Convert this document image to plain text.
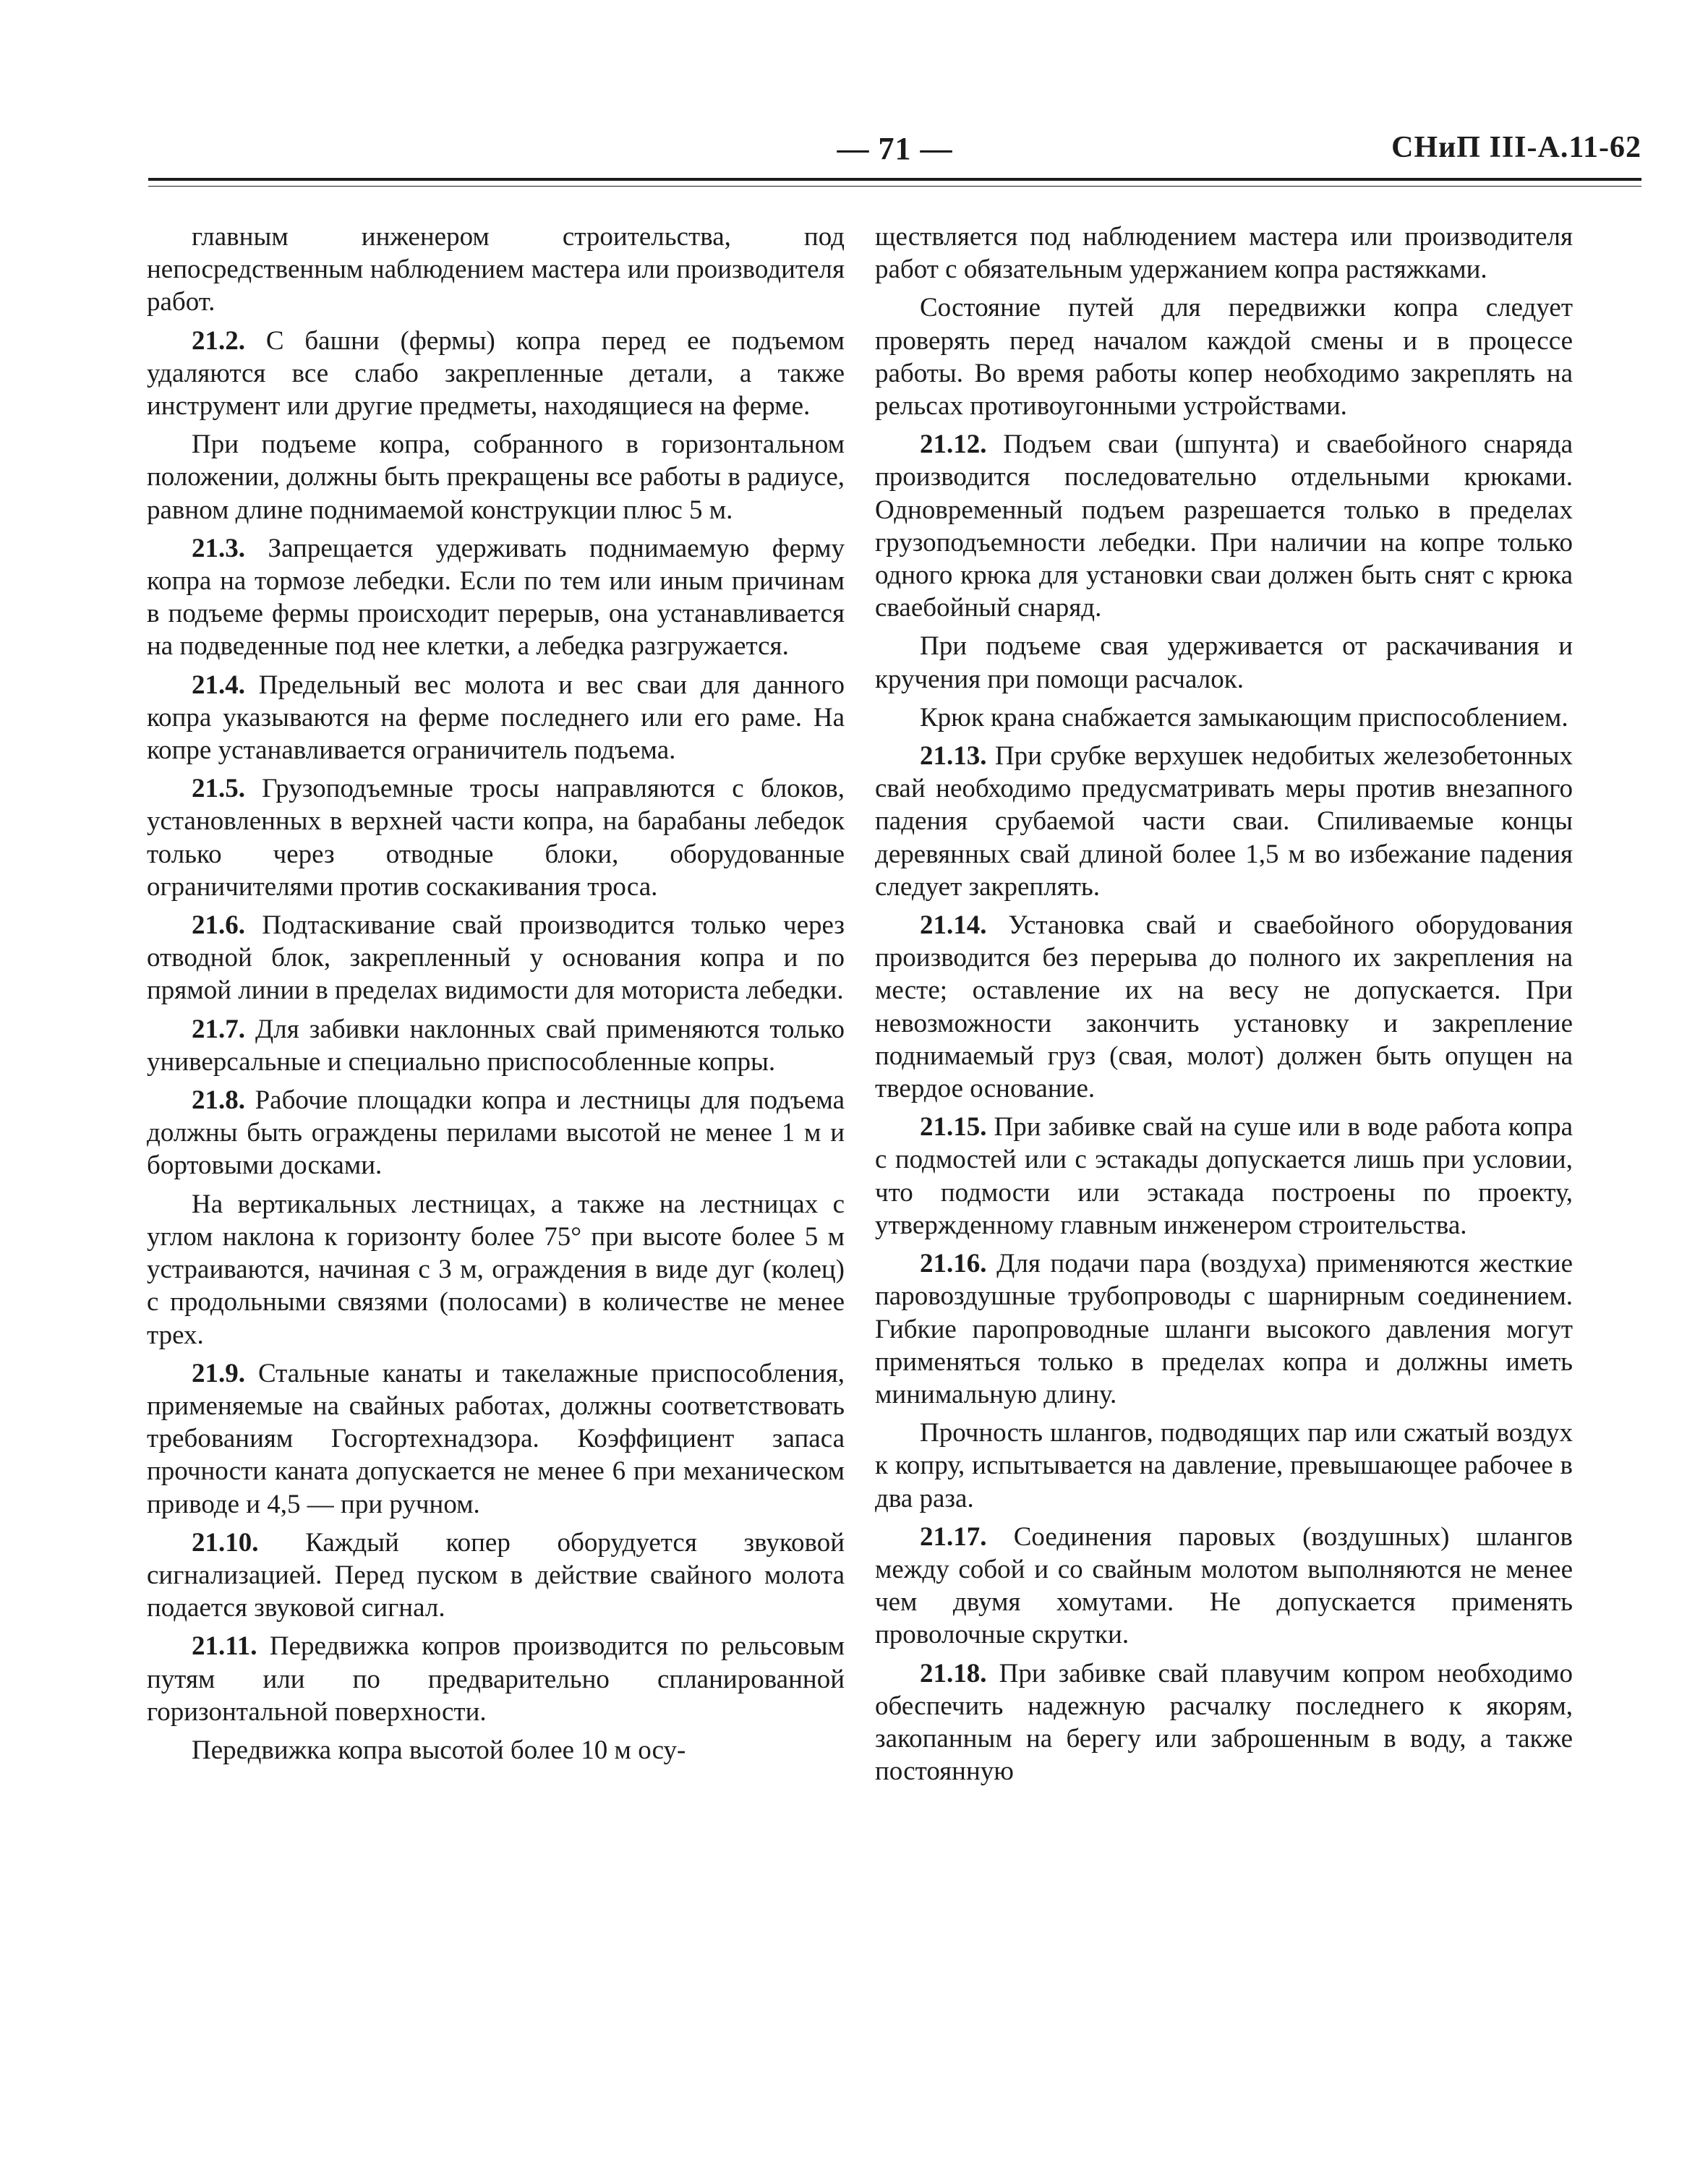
— 71 —	СНиП III-А.11-62

главным инженером строительства, под непосредственным наблюдением мастера или производителя работ.

21.2. С башни (фермы) копра перед ее подъемом удаляются все слабо закрепленные детали, а также инструмент или другие предметы, находящиеся на ферме.

При подъеме копра, собранного в горизонтальном положении, должны быть прекращены все работы в радиусе, равном длине поднимаемой конструкции плюс 5 м.

21.3. Запрещается удерживать поднимаемую ферму копра на тормозе лебедки. Если по тем или иным причинам в подъеме фермы происходит перерыв, она устанавливается на подведенные под нее клетки, а лебедка разгружается.

21.4. Предельный вес молота и вес сваи для данного копра указываются на ферме последнего или его раме. На копре устанавливается ограничитель подъема.

21.5. Грузоподъемные тросы направляются с блоков, установленных в верхней части копра, на барабаны лебедок только через отводные блоки, оборудованные ограничителями против соскакивания троса.

21.6. Подтаскивание свай производится только через отводной блок, закрепленный у основания копра и по прямой линии в пределах видимости для моториста лебедки.

21.7. Для забивки наклонных свай применяются только универсальные и специально приспособленные копры.

21.8. Рабочие площадки копра и лестницы для подъема должны быть ограждены перилами высотой не менее 1 м и бортовыми досками.

На вертикальных лестницах, а также на лестницах с углом наклона к горизонту более 75° при высоте более 5 м устраиваются, начиная с 3 м, ограждения в виде дуг (колец) с продольными связями (полосами) в количестве не менее трех.

21.9. Стальные канаты и такелажные приспособления, применяемые на свайных работах, должны соответствовать требованиям Госгортехнадзора. Коэффициент запаса прочности каната допускается не менее 6 при механическом приводе и 4,5 — при ручном.

21.10. Каждый копер оборудуется звуковой сигнализацией. Перед пуском в действие свайного молота подается звуковой сигнал.

21.11. Передвижка копров производится по рельсовым путям или по предварительно спланированной горизонтальной поверхности.

Передвижка копра высотой более 10 м осу-

ществляется под наблюдением мастера или производителя работ с обязательным удержанием копра растяжками.

Состояние путей для передвижки копра следует проверять перед началом каждой смены и в процессе работы. Во время работы копер необходимо закреплять на рельсах противоугонными устройствами.

21.12. Подъем сваи (шпунта) и сваебойного снаряда производится последовательно отдельными крюками. Одновременный подъем разрешается только в пределах грузоподъемности лебедки. При наличии на копре только одного крюка для установки сваи должен быть снят с крюка сваебойный снаряд.

При подъеме свая удерживается от раскачивания и кручения при помощи расчалок.

Крюк крана снабжается замыкающим приспособлением.

21.13. При срубке верхушек недобитых железобетонных свай необходимо предусматривать меры против внезапного падения срубаемой части сваи. Спиливаемые концы деревянных свай длиной более 1,5 м во избежание падения следует закреплять.

21.14. Установка свай и сваебойного оборудования производится без перерыва до полного их закрепления на месте; оставление их на весу не допускается. При невозможности закончить установку и закрепление поднимаемый груз (свая, молот) должен быть опущен на твердое основание.

21.15. При забивке свай на суше или в воде работа копра с подмостей или с эстакады допускается лишь при условии, что подмости или эстакада построены по проекту, утвержденному главным инженером строительства.

21.16. Для подачи пара (воздуха) применяются жесткие паровоздушные трубопроводы с шарнирным соединением. Гибкие паропроводные шланги высокого давления могут применяться только в пределах копра и должны иметь минимальную длину.

Прочность шлангов, подводящих пар или сжатый воздух к копру, испытывается на давление, превышающее рабочее в два раза.

21.17. Соединения паровых (воздушных) шлангов между собой и со свайным молотом выполняются не менее чем двумя хомутами. Не допускается применять проволочные скрутки.

21.18. При забивке свай плавучим копром необходимо обеспечить надежную расчалку последнего к якорям, закопанным на берегу или заброшенным в воду, а также постоянную
